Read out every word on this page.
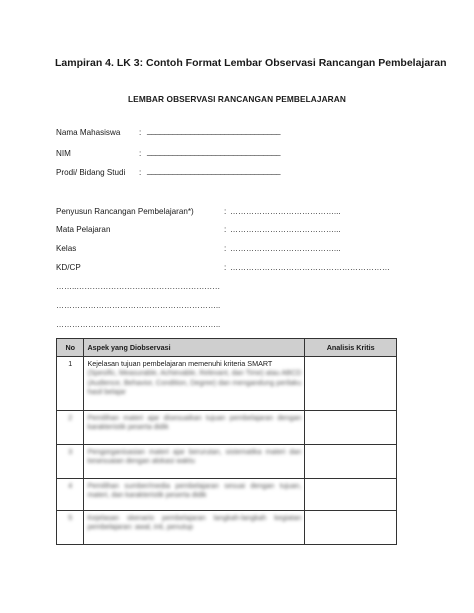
Lampiran 4. LK 3: Contoh Format Lembar Observasi Rancangan Pembelajaran
LEMBAR OBSERVASI RANCANGAN PEMBELAJARAN
Nama Mahasiswa : _______________________________
NIM	: _______________________________
Prodi/ Bidang Studi : _______________________________
Penyusun Rancangan Pembelajaran*)	: …………………………………...
Mata Pelajaran	: …………………………………...
Kelas	: …………………………………...
KD/CP	: ……………………………………………………
……..………………………………………………
……………………………………………………..
……………………………………………………..
No	Aspek yang Diobservasi	Analisis Kritis
1	Kejelasan tujuan pembelajaran memenuhi kriteria SMART
(Spesific, Measurable, Achievable, Relevant, dan Time) atau ABCD (Audience, Behavior, Condition, Degree) dan mengandung perilaku hasil belajar	

2	Pemilihan materi ajar disesuaikan tujuan pembelajaran dengan karakteristik peserta didik	
3	Pengorganisasian materi ajar berurutan, sistematika materi dan kesesuaian dengan alokasi waktu	
4	Pemilihan sumber/media pembelajaran sesuai dengan tujuan, materi, dan karakteristik peserta didik	
5	Kejelasan skenario pembelajaran langkah-langkah kegiatan pembelajaran: awal, inti, penutup	
